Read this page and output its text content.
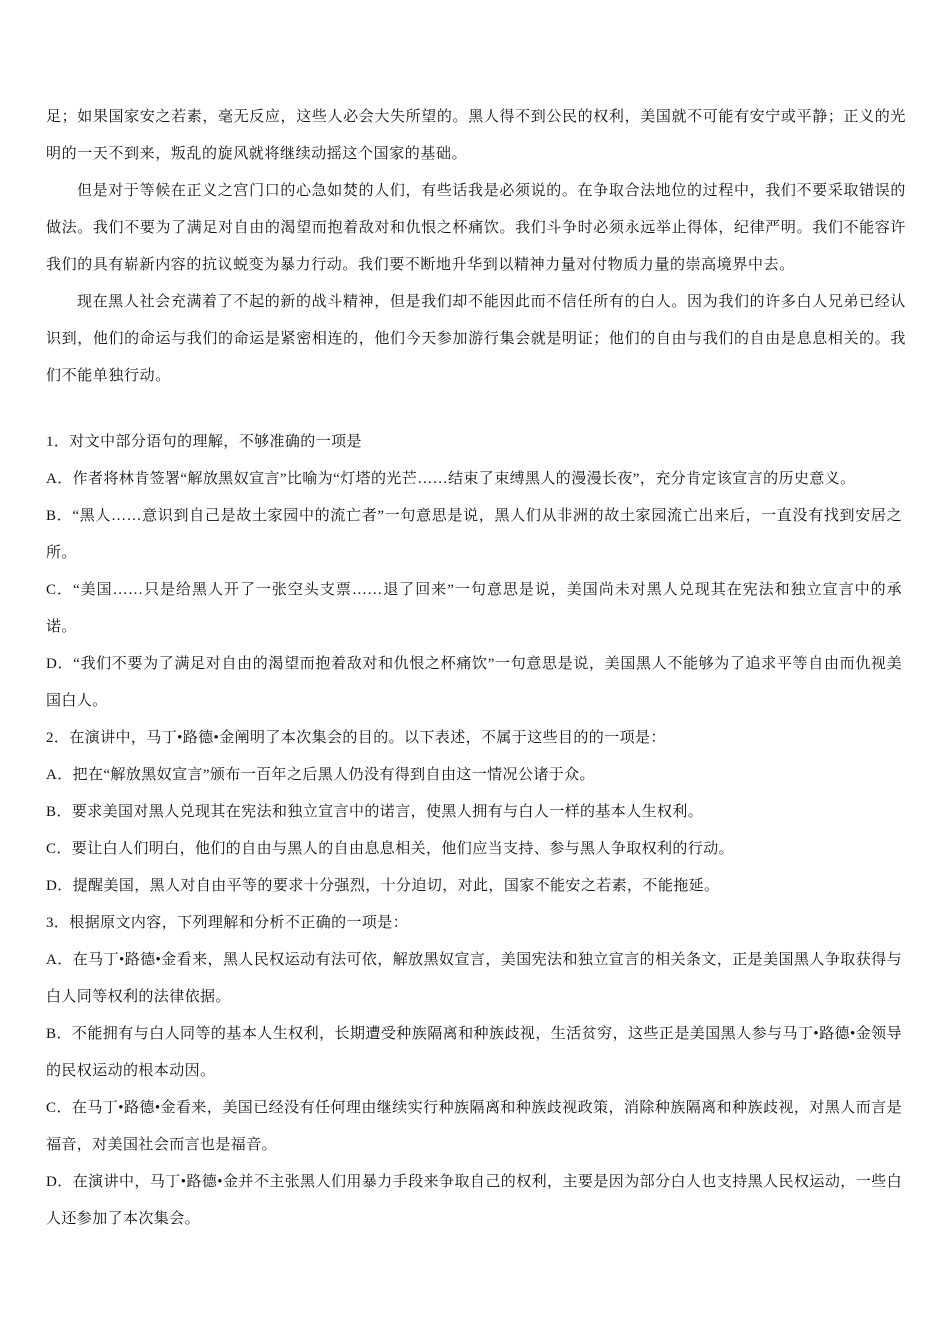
足；如果国家安之若素，毫无反应，这些人必会大失所望的。黑人得不到公民的权利，美国就不可能有安宁或平静；正义的光明的一天不到来，叛乱的旋风就将继续动摇这个国家的基础。

但是对于等候在正义之宫门口的心急如焚的人们，有些话我是必须说的。在争取合法地位的过程中，我们不要采取错误的做法。我们不要为了满足对自由的渴望而抱着敌对和仇恨之杯痛饮。我们斗争时必须永远举止得体，纪律严明。我们不能容许我们的具有崭新内容的抗议蜕变为暴力行动。我们要不断地升华到以精神力量对付物质力量的崇高境界中去。

现在黑人社会充满着了不起的新的战斗精神，但是我们却不能因此而不信任所有的白人。因为我们的许多白人兄弟已经认识到，他们的命运与我们的命运是紧密相连的，他们今天参加游行集会就是明证；他们的自由与我们的自由是息息相关的。我们不能单独行动。

1．对文中部分语句的理解，不够准确的一项是

A．作者将林肯签署“解放黑奴宣言”比喻为“灯塔的光芒……结束了束缚黑人的漫漫长夜”，充分肯定该宣言的历史意义。

B．“黑人……意识到自己是故土家园中的流亡者”一句意思是说，黑人们从非洲的故土家园流亡出来后，一直没有找到安居之所。

C．“美国……只是给黑人开了一张空头支票……退了回来”一句意思是说，美国尚未对黑人兑现其在宪法和独立宣言中的承诺。

D．“我们不要为了满足对自由的渴望而抱着敌对和仇恨之杯痛饮”一句意思是说，美国黑人不能够为了追求平等自由而仇视美国白人。

2．在演讲中，马丁•路德•金阐明了本次集会的目的。以下表述，不属于这些目的的一项是：

A．把在“解放黑奴宣言”颁布一百年之后黑人仍没有得到自由这一情况公诸于众。

B．要求美国对黑人兑现其在宪法和独立宣言中的诺言，使黑人拥有与白人一样的基本人生权利。

C．要让白人们明白，他们的自由与黑人的自由息息相关，他们应当支持、参与黑人争取权利的行动。

D．提醒美国，黑人对自由平等的要求十分强烈，十分迫切，对此，国家不能安之若素，不能拖延。

3．根据原文内容，下列理解和分析不正确的一项是：

A．在马丁•路德•金看来，黑人民权运动有法可依，解放黑奴宣言，美国宪法和独立宣言的相关条文，正是美国黑人争取获得与白人同等权利的法律依据。

B．不能拥有与白人同等的基本人生权利，长期遭受种族隔离和种族歧视，生活贫穷，这些正是美国黑人参与马丁•路德•金领导的民权运动的根本动因。

C．在马丁•路德•金看来，美国已经没有任何理由继续实行种族隔离和种族歧视政策，消除种族隔离和种族歧视，对黑人而言是福音，对美国社会而言也是福音。

D．在演讲中，马丁•路德•金并不主张黑人们用暴力手段来争取自己的权利，主要是因为部分白人也支持黑人民权运动，一些白人还参加了本次集会。
